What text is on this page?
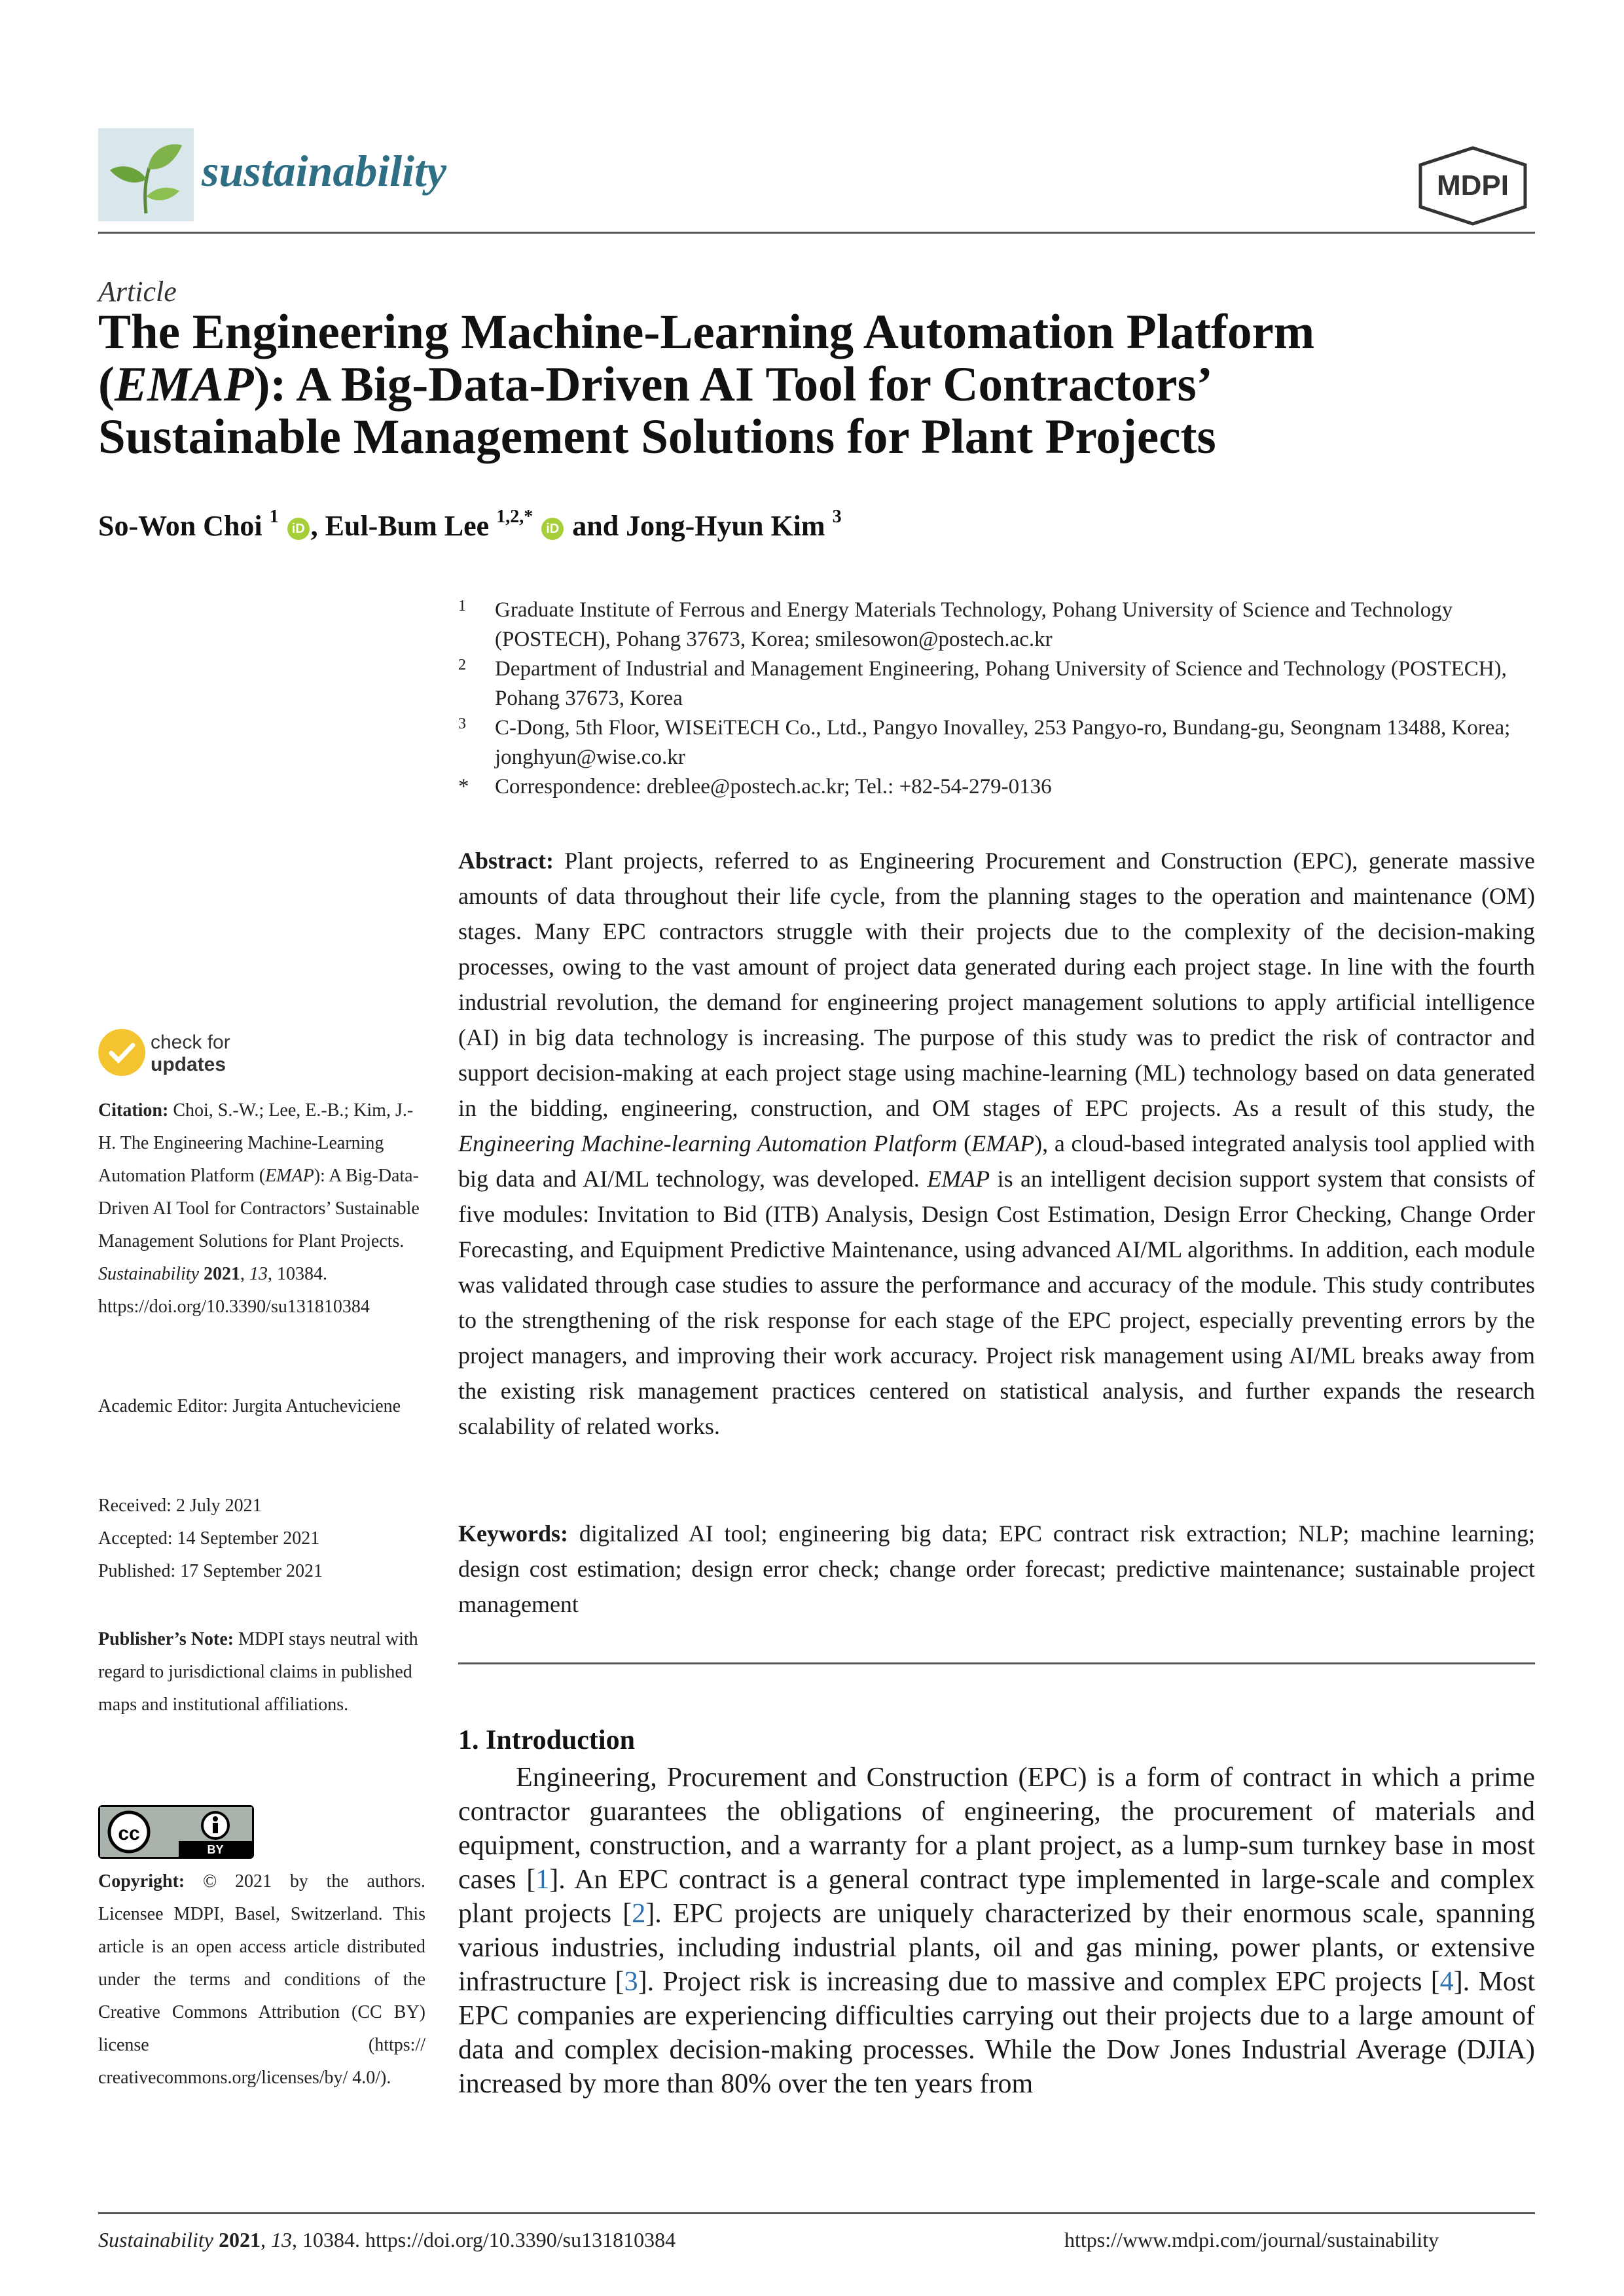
sustainability	MDPI
Article
The Engineering Machine-Learning Automation Platform
(EMAP): A Big-Data-Driven AI Tool for Contractors’
Sustainable Management Solutions for Plant Projects
So-Won Choi $^1$ iD , Eul-Bum Lee $^{1,2,*}$ iD and Jong-Hyun Kim $^3$
1 Graduate Institute of Ferrous and Energy Materials Technology, Pohang University of Science and Technology (POSTECH), Pohang 37673, Korea; smilesowon@postech.ac.kr
2 Department of Industrial and Management Engineering, Pohang University of Science and Technology (POSTECH), Pohang 37673, Korea
3 C-Dong, 5th Floor, WISEiTECH Co., Ltd., Pangyo Inovalley, 253 Pangyo-ro, Bundang-gu, Seongnam 13488, Korea; jonghyun@wise.co.kr
* Correspondence: dreblee@postech.ac.kr; Tel.: +82-54-279-0136
check for
updates

Citation: Choi, S.-W.; Lee, E.-B.; Kim, J.-H. The Engineering Machine-Learning Automation Platform (EMAP): A Big-Data-Driven AI Tool for Contractors’ Sustainable Management Solutions for Plant Projects. Sustainability 2021, 13, 10384. https://doi.org/10.3390/su131810384

Academic Editor: Jurgita Antucheviciene

Received: 2 July 2021

Accepted: 14 September 2021

Published: 17 September 2021

Publisher’s Note: MDPI stays neutral with regard to jurisdictional claims in published maps and institutional affiliations.

cc
BY

Copyright: © 2021 by the authors. Licensee MDPI, Basel, Switzerland. This article is an open access article distributed under the terms and conditions of the Creative Commons Attribution (CC BY) license (https:// creativecommons.org/licenses/by/ 4.0/).

Abstract: Plant projects, referred to as Engineering Procurement and Construction (EPC), generate massive amounts of data throughout their life cycle, from the planning stages to the operation and maintenance (OM) stages. Many EPC contractors struggle with their projects due to the complexity of the decision-making processes, owing to the vast amount of project data generated during each project stage. In line with the fourth industrial revolution, the demand for engineering project management solutions to apply artificial intelligence (AI) in big data technology is increasing. The purpose of this study was to predict the risk of contractor and support decision-making at each project stage using machine-learning (ML) technology based on data generated in the bidding, engineering, construction, and OM stages of EPC projects. As a result of this study, the Engineering Machine-learning Automation Platform (EMAP), a cloud-based integrated analysis tool applied with big data and AI/ML technology, was developed. EMAP is an intelligent decision support system that consists of five modules: Invitation to Bid (ITB) Analysis, Design Cost Estimation, Design Error Checking, Change Order Forecasting, and Equipment Predictive Maintenance, using advanced AI/ML algorithms. In addition, each module was validated through case studies to assure the performance and accuracy of the module. This study contributes to the strengthening of the risk response for each stage of the EPC project, especially preventing errors by the project managers, and improving their work accuracy. Project risk management using AI/ML breaks away from the existing risk management practices centered on statistical analysis, and further expands the research scalability of related works.

Keywords: digitalized AI tool; engineering big data; EPC contract risk extraction; NLP; machine learning; design cost estimation; design error check; change order forecast; predictive maintenance; sustainable project management

1. Introduction

Engineering, Procurement and Construction (EPC) is a form of contract in which a prime contractor guarantees the obligations of engineering, the procurement of materials and equipment, construction, and a warranty for a plant project, as a lump-sum turnkey base in most cases [1]. An EPC contract is a general contract type implemented in large-scale and complex plant projects [2]. EPC projects are uniquely characterized by their enormous scale, spanning various industries, including industrial plants, oil and gas mining, power plants, or extensive infrastructure [3]. Project risk is increasing due to massive and complex EPC projects [4]. Most EPC companies are experiencing difficulties carrying out their projects due to a large amount of data and complex decision-making processes. While the Dow Jones Industrial Average (DJIA) increased by more than 80% over the ten years from

Sustainability 2021, 13, 10384. https://doi.org/10.3390/su131810384	https://www.mdpi.com/journal/sustainability
